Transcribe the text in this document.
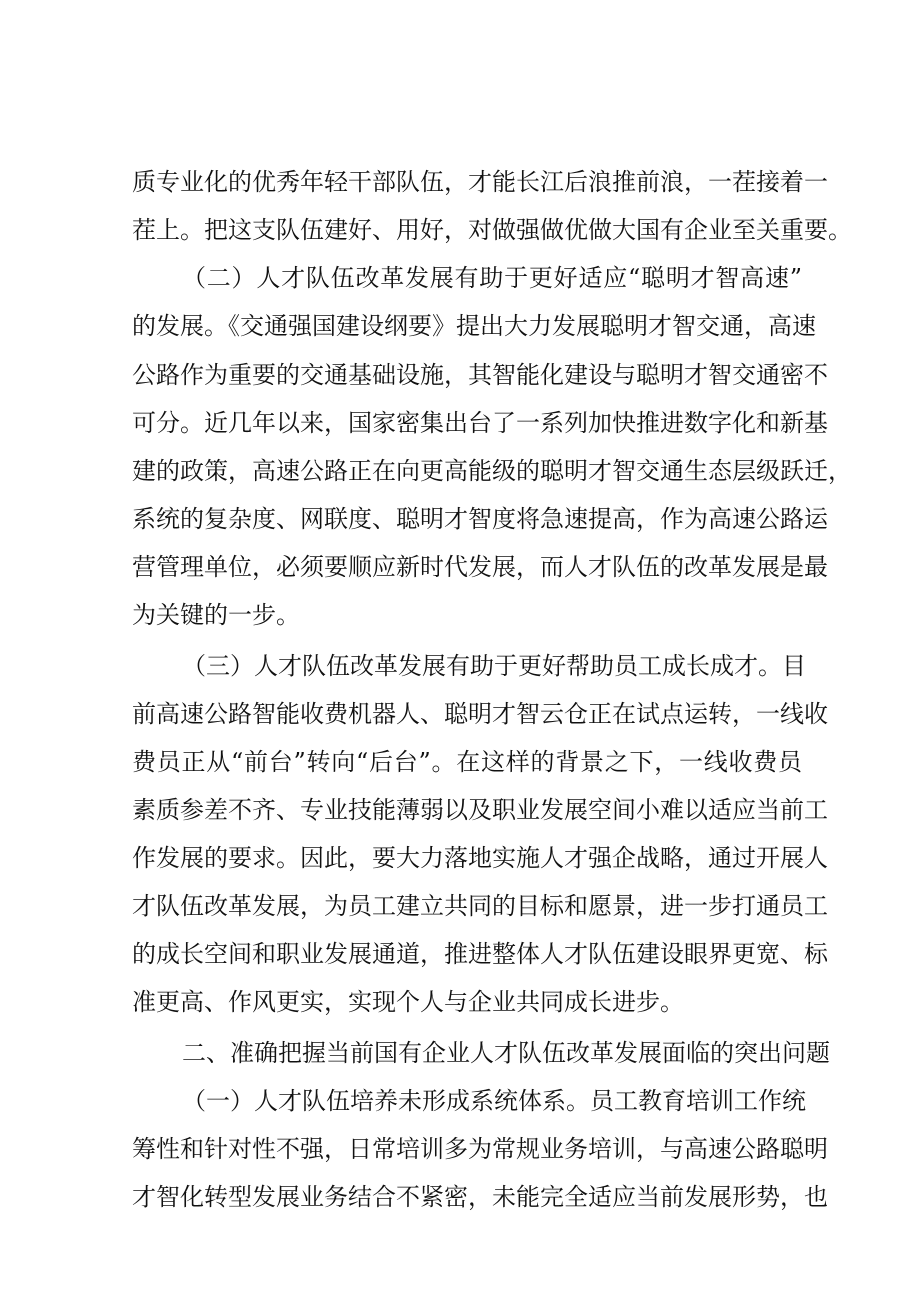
质专业化的优秀年轻干部队伍，才能长江后浪推前浪，一茬接着一
茬上。把这支队伍建好、用好，对做强做优做大国有企业至关重要。
（二）人才队伍改革发展有助于更好适应“聪明才智高速”
的发展。《交通强国建设纲要》提出大力发展聪明才智交通，高速
公路作为重要的交通基础设施，其智能化建设与聪明才智交通密不
可分。近几年以来，国家密集出台了一系列加快推进数字化和新基
建的政策，高速公路正在向更高能级的聪明才智交通生态层级跃迁，
系统的复杂度、网联度、聪明才智度将急速提高，作为高速公路运
营管理单位，必须要顺应新时代发展，而人才队伍的改革发展是最
为关键的一步。
（三）人才队伍改革发展有助于更好帮助员工成长成才。目
前高速公路智能收费机器人、聪明才智云仓正在试点运转，一线收
费员正从“前台”转向“后台”。在这样的背景之下，一线收费员
素质参差不齐、专业技能薄弱以及职业发展空间小难以适应当前工
作发展的要求。因此，要大力落地实施人才强企战略，通过开展人
才队伍改革发展，为员工建立共同的目标和愿景，进一步打通员工
的成长空间和职业发展通道，推进整体人才队伍建设眼界更宽、标
准更高、作风更实，实现个人与企业共同成长进步。
二、准确把握当前国有企业人才队伍改革发展面临的突出问题
（一）人才队伍培养未形成系统体系。员工教育培训工作统
筹性和针对性不强，日常培训多为常规业务培训，与高速公路聪明
才智化转型发展业务结合不紧密，未能完全适应当前发展形势，也
